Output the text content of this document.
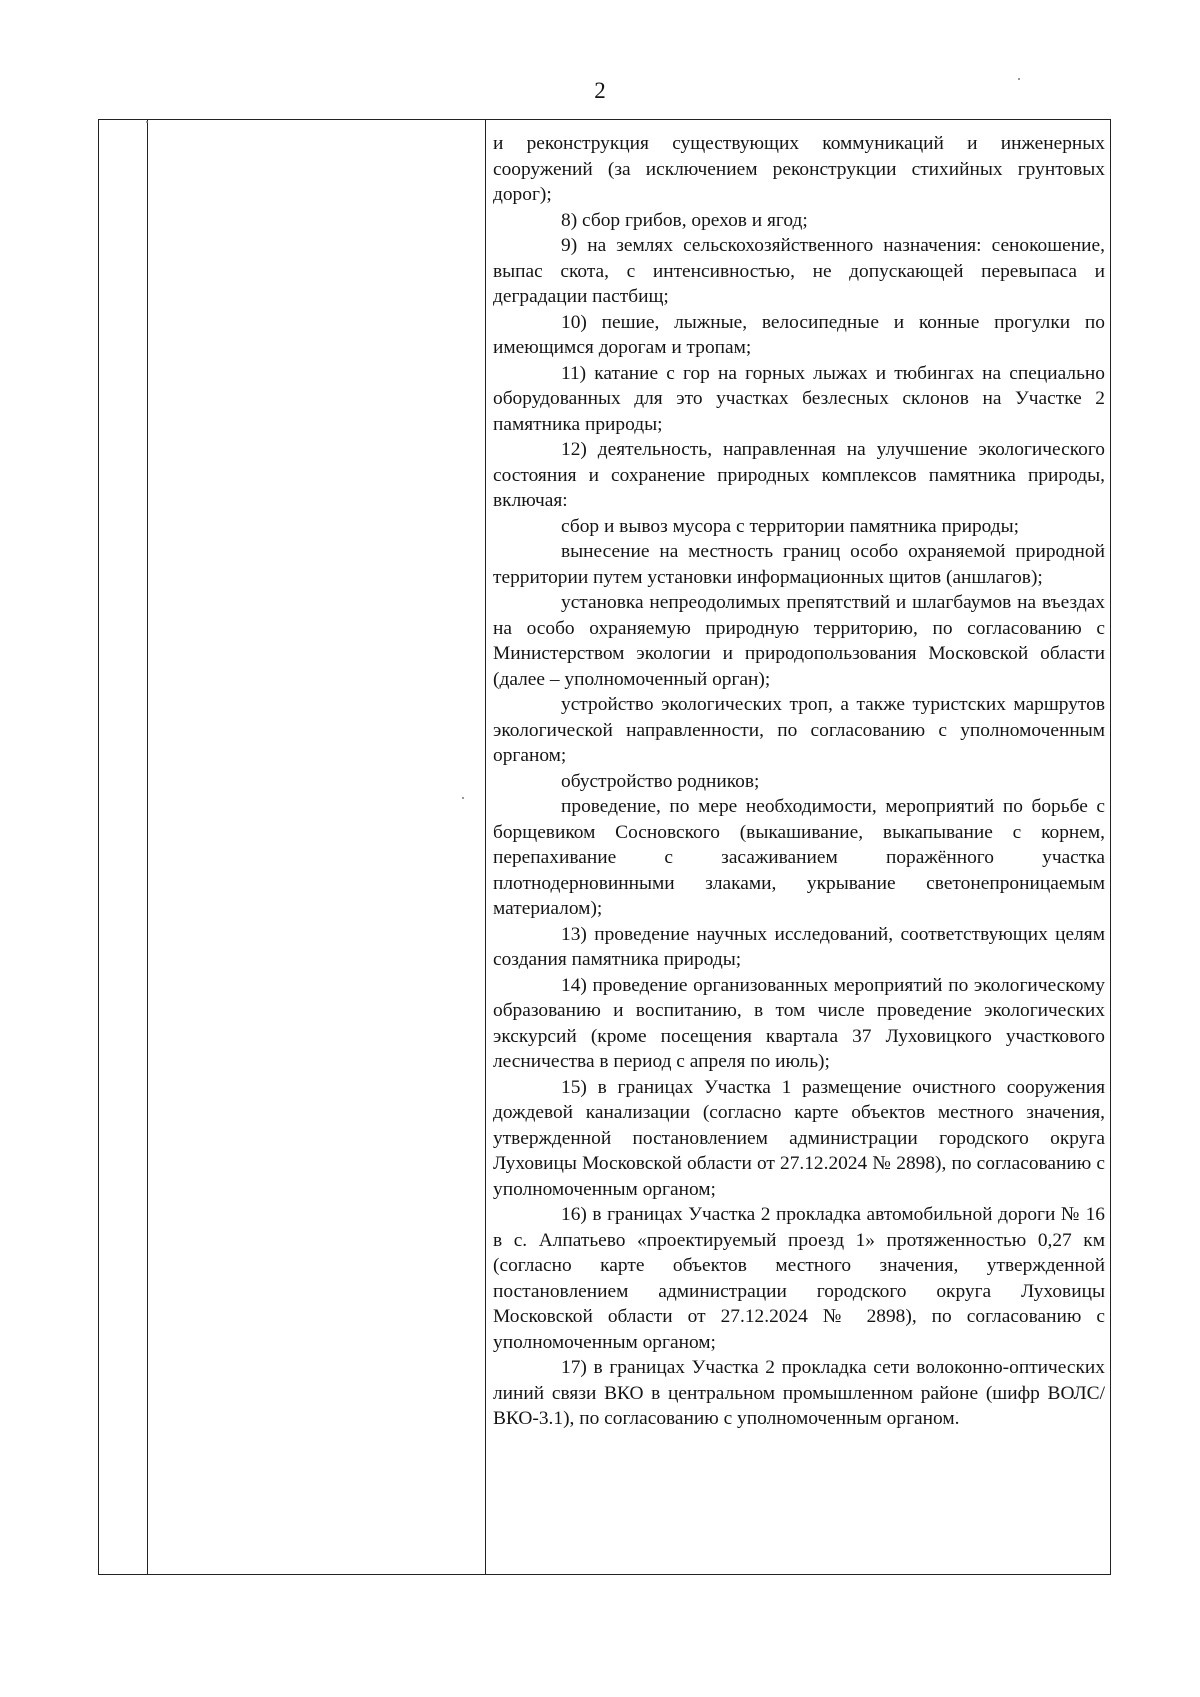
2

и реконструкция существующих коммуникаций и инженерных сооружений (за исключением реконструкции стихийных грунтовых дорог);

8) сбор грибов, орехов и ягод;

9) на землях сельскохозяйственного назначения: сенокошение, выпас скота, с интенсивностью, не допускающей перевыпаса и деградации пастбищ;

10) пешие, лыжные, велосипедные и конные прогулки по имеющимся дорогам и тропам;

11) катание с гор на горных лыжах и тюбингах на специально оборудованных для это участках безлесных склонов на Участке 2 памятника природы;

12) деятельность, направленная на улучшение экологического состояния и сохранение природных комплексов памятника природы, включая:

сбор и вывоз мусора с территории памятника природы;

вынесение на местность границ особо охраняемой природной территории путем установки информационных щитов (аншлагов);

установка непреодолимых препятствий и шлагбаумов на въездах на особо охраняемую природную территорию, по согласованию с Министерством экологии и природопользования Московской области (далее – уполномоченный орган);

устройство экологических троп, а также туристских маршрутов экологической направленности, по согласованию с уполномоченным органом;

обустройство родников;

проведение, по мере необходимости, мероприятий по борьбе с борщевиком Сосновского (выкашивание, выкапывание с корнем, перепахивание с засаживанием поражённого участка плотнодерновинными злаками, укрывание светонепроницаемым материалом);

13) проведение научных исследований, соответствующих целям создания памятника природы;

14) проведение организованных мероприятий по экологическому образованию и воспитанию, в том числе проведение экологических экскурсий (кроме посещения квартала 37 Луховицкого участкового лесничества в период с апреля по июль);

15) в границах Участка 1 размещение очистного сооружения дождевой канализации (согласно карте объектов местного значения, утвержденной постановлением администрации городского округа Луховицы Московской области от 27.12.2024 № 2898), по согласованию с уполномоченным органом;

16) в границах Участка 2 прокладка автомобильной дороги № 16 в с. Алпатьево «проектируемый проезд 1» протяженностью 0,27 км (согласно карте объектов местного значения, утвержденной постановлением администрации городского округа Луховицы Московской области от 27.12.2024 № 2898), по согласованию с уполномоченным органом;

17) в границах Участка 2 прокладка сети волоконно-оптических линий связи ВКО в центральном промышленном районе (шифр ВОЛС/ВКО-3.1), по согласованию с уполномоченным органом.
